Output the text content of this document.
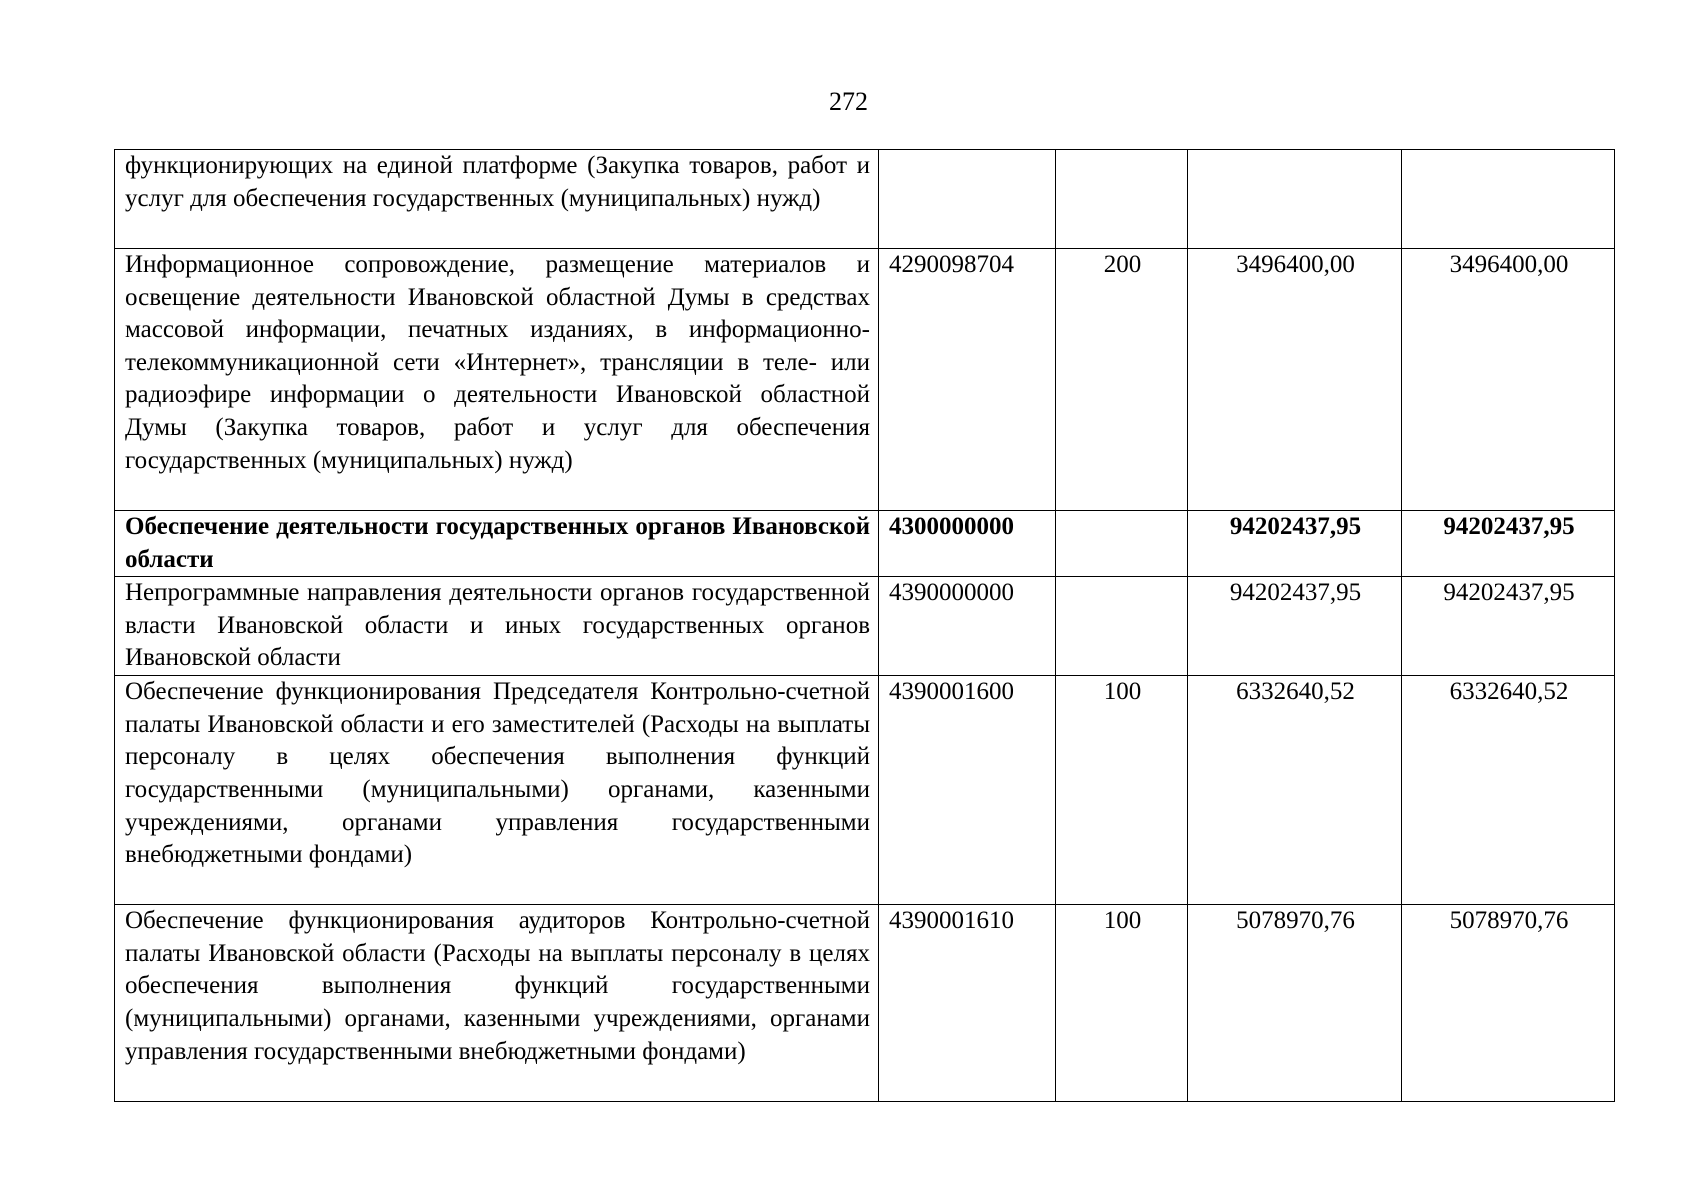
272
функционирующих на единой платформе (Закупка товаров, работ и услуг для обеспечения государственных (муниципальных) нужд)				
Информационное сопровождение, размещение материалов и освещение деятельности Ивановской областной Думы в средствах массовой информации, печатных изданиях, в информационно-телекоммуникационной сети «Интернет», трансляции в теле- или радиоэфире информации о деятельности Ивановской областной Думы (Закупка товаров, работ и услуг для обеспечения государственных (муниципальных) нужд)	4290098704	200	3496400,00	3496400,00
Обеспечение деятельности государственных органов Ивановской области	4300000000		94202437,95	94202437,95
Непрограммные направления деятельности органов государственной власти Ивановской области и иных государственных органов Ивановской области	4390000000		94202437,95	94202437,95
Обеспечение функционирования Председателя Контрольно-счетной палаты Ивановской области и его заместителей (Расходы на выплаты персоналу в целях обеспечения выполнения функций государственными (муниципальными) органами, казенными учреждениями, органами управления государственными внебюджетными фондами)	4390001600	100	6332640,52	6332640,52
Обеспечение функционирования аудиторов Контрольно-счетной палаты Ивановской области (Расходы на выплаты персоналу в целях обеспечения выполнения функций государственными (муниципальными) органами, казенными учреждениями, органами управления государственными внебюджетными фондами)	4390001610	100	5078970,76	5078970,76
